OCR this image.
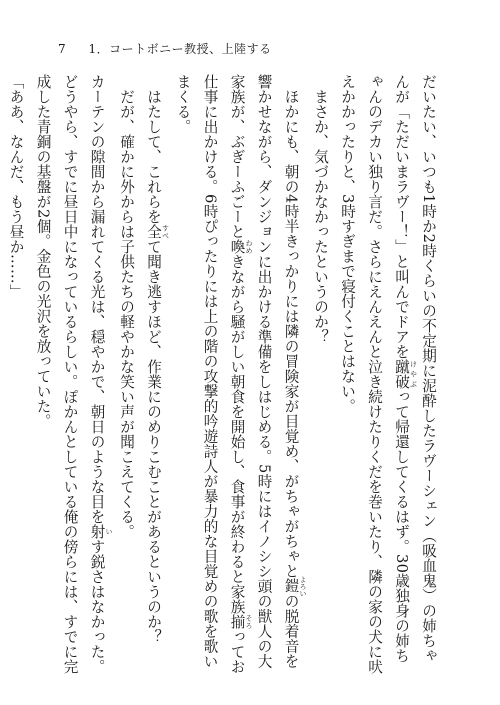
7 1．コートボニー教授、上陸する

だいたい、いつも1時か2時くらいの不定期に泥酔したラヴーシェン（吸血鬼）の姉ちゃんが「ただいまラヴー！」と叫んでドアを蹴破 けやぶって帰還してくるはず。30歳独身の姉ちゃんのデカい独り言だ。さらにえんえんと泣き続けたりくだを巻いたり、隣の家の犬に吠えかかったりと、3時すぎまで寝付くことはない。

まさか、気づかなかったというのか？

ほかにも、朝の4時半きっかりには隣の冒険家が目覚め、がちゃがちゃと鎧 よろいの脱着音を響かせながら、ダンジョンに出かける準備をしはじめる。5時にはイノシシ頭の獣人の大家族が、ぶぎーふごーと喚 わめきながら騒がしい朝食を開始し、食事が終わると家族揃 そろってお仕事に出かける。6時ぴったりには上の階の攻撃的吟遊詩人が暴力的な目覚めの歌を歌いまくる。

はたして、これらを全 すべて聞き逃すほど、作業にのめりこむことがあるというのか？

だが、確かに外からは子供たちの軽やかな笑い声が聞こえてくる。

カーテンの隙間から漏れてくる光は、穏やかで、朝日のような目を射 いす鋭さはなかった。

どうやら、すでに昼日中になっているらしい。ぽかんとしている俺の傍らには、すでに完成した青銅の基盤が2個。金色の光沢を放っていた。

「ああ、なんだ、もう昼か……」
